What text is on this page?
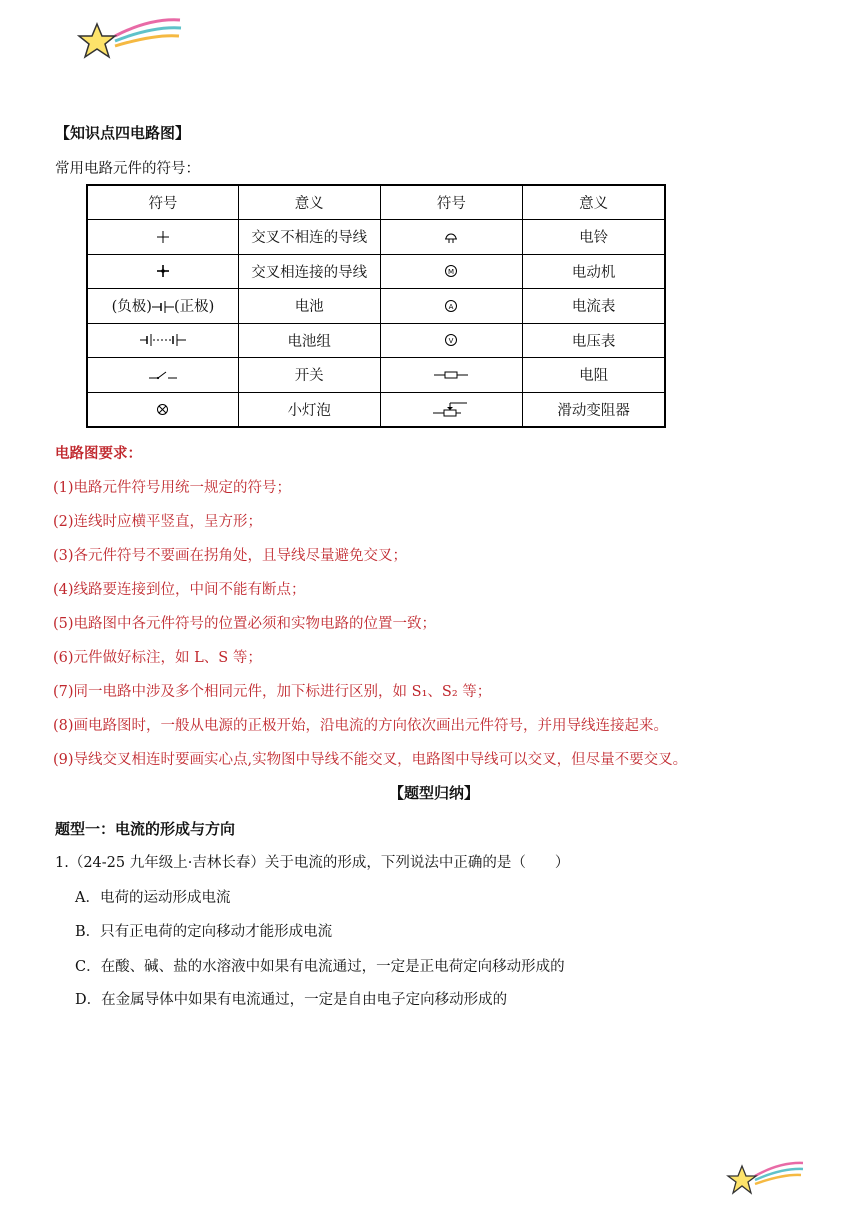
【知识点四电路图】
常用电路元件的符号：
符号	意义	符号	意义

	交叉不相连的导线		电铃

	交叉相连接的导线	M	电动机
(负极) (正极)	电池	A	电流表

	电池组	V	电压表

	开关		电阻

	小灯泡		滑动变阻器
电路图要求：
(1)电路元件符号用统一规定的符号；
(2)连线时应横平竖直，呈方形；
(3)各元件符号不要画在拐角处，且导线尽量避免交叉；
(4)线路要连接到位，中间不能有断点；
(5)电路图中各元件符号的位置必须和实物电路的位置一致；
(6)元件做好标注，如 L、S 等；
(7)同一电路中涉及多个相同元件，加下标进行区别，如 S₁、S₂ 等；
(8)画电路图时，一般从电源的正极开始，沿电流的方向依次画出元件符号，并用导线连接起来。
(9)导线交叉相连时要画实心点,实物图中导线不能交叉，电路图中导线可以交叉，但尽量不要交叉。
【题型归纳】
题型一：电流的形成与方向
1.（24-25 九年级上·吉林长春）关于电流的形成，下列说法中正确的是（　　）
A．电荷的运动形成电流
B．只有正电荷的定向移动才能形成电流
C．在酸、碱、盐的水溶液中如果有电流通过，一定是正电荷定向移动形成的
D．在金属导体中如果有电流通过，一定是自由电子定向移动形成的
